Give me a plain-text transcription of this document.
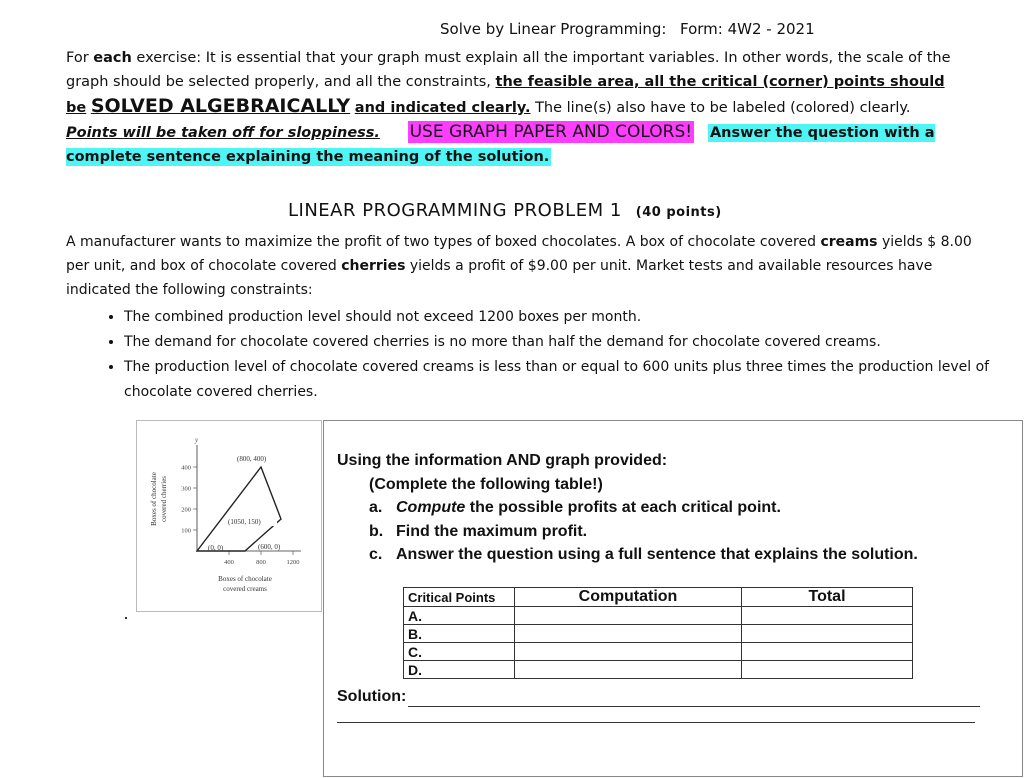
Solve by Linear Programming: Form: 4W2 - 2021
For each exercise: It is essential that your graph must explain all the important variables. In other words, the scale of the graph should be selected properly, and all the constraints, the feasible area, all the critical (corner) points should be SOLVED ALGEBRAICALLY and indicated clearly. The line(s) also have to be labeled (colored) clearly. Points will be taken off for sloppiness. USE GRAPH PAPER AND COLORS! Answer the question with a complete sentence explaining the meaning of the solution.
LINEAR PROGRAMMING PROBLEM 1 (40 points)
A manufacturer wants to maximize the profit of two types of boxed chocolates. A box of chocolate covered creams yields $ 8.00 per unit, and box of chocolate covered cherries yields a profit of $9.00 per unit. Market tests and available resources have indicated the following constraints:
• The combined production level should not exceed 1200 boxes per month.
• The demand for chocolate covered cherries is no more than half the demand for chocolate covered creams.
• The production level of chocolate covered creams is less than or equal to 600 units plus three times the production level of chocolate covered cherries.
y
400
300
200
100
400	800	1200
(800, 400)
(1050, 150)
(0, 0)	(600, 0)
Boxes of chocolate covered cherries
Boxes of chocolate
covered creams
Using the information AND graph provided:
(Complete the following table!)
a. Compute the possible profits at each critical point.
b. Find the maximum profit.
c. Answer the question using a full sentence that explains the solution.
Critical Points	Computation	Total
A.		
B.		
C.		
D.		
Solution:
